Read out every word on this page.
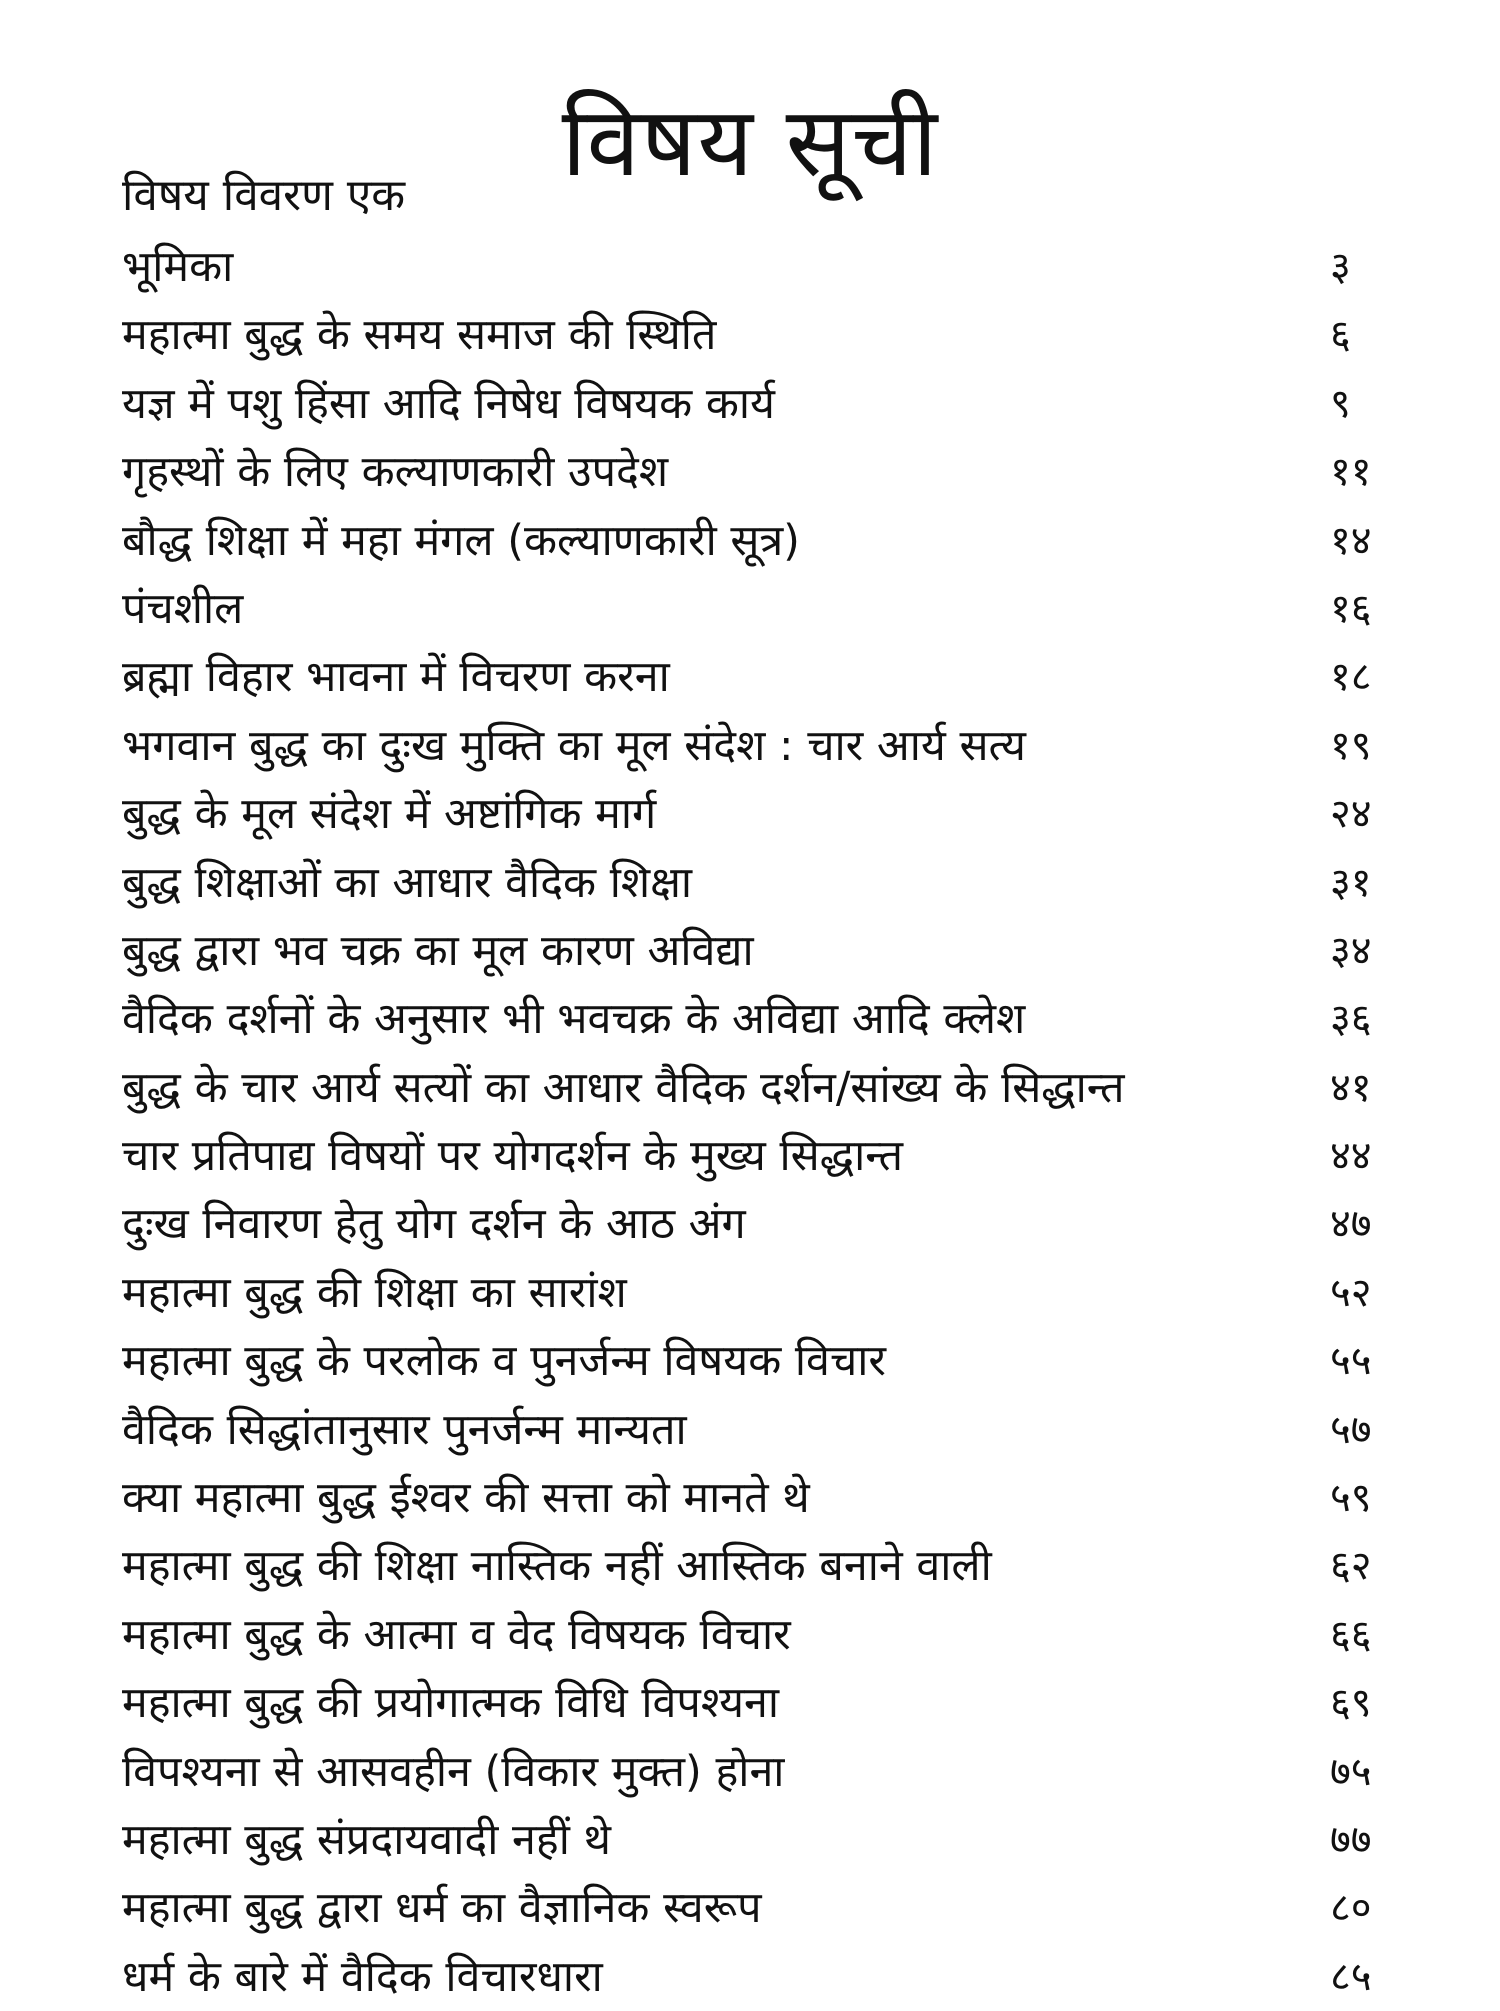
विषय सूची
विषय विवरण एक
भूमिका	३
महात्मा बुद्ध के समय समाज की स्थिति	६
यज्ञ में पशु हिंसा आदि निषेध विषयक कार्य	९
गृहस्थों के लिए कल्याणकारी उपदेश	११
बौद्ध शिक्षा में महा मंगल (कल्याणकारी सूत्र)	१४
पंचशील	१६
ब्रह्मा विहार भावना में विचरण करना	१८
भगवान बुद्ध का दुःख मुक्ति का मूल संदेश : चार आर्य सत्य	१९
बुद्ध के मूल संदेश में अष्टांगिक मार्ग	२४
बुद्ध शिक्षाओं का आधार वैदिक शिक्षा	३१
बुद्ध द्वारा भव चक्र का मूल कारण अविद्या	३४
वैदिक दर्शनों के अनुसार भी भवचक्र के अविद्या आदि क्लेश	३६
बुद्ध के चार आर्य सत्यों का आधार वैदिक दर्शन/सांख्य के सिद्धान्त	४१
चार प्रतिपाद्य विषयों पर योगदर्शन के मुख्य सिद्धान्त	४४
दुःख निवारण हेतु योग दर्शन के आठ अंग	४७
महात्मा बुद्ध की शिक्षा का सारांश	५२
महात्मा बुद्ध के परलोक व पुनर्जन्म विषयक विचार	५५
वैदिक सिद्धांतानुसार पुनर्जन्म मान्यता	५७
क्या महात्मा बुद्ध ईश्वर की सत्ता को मानते थे	५९
महात्मा बुद्ध की शिक्षा नास्तिक नहीं आस्तिक बनाने वाली	६२
महात्मा बुद्ध के आत्मा व वेद विषयक विचार	६६
महात्मा बुद्ध की प्रयोगात्मक विधि विपश्यना	६९
विपश्यना से आसवहीन (विकार मुक्त) होना	७५
महात्मा बुद्ध संप्रदायवादी नहीं थे	७७
महात्मा बुद्ध द्वारा धर्म का वैज्ञानिक स्वरूप	८०
धर्म के बारे में वैदिक विचारधारा	८५
